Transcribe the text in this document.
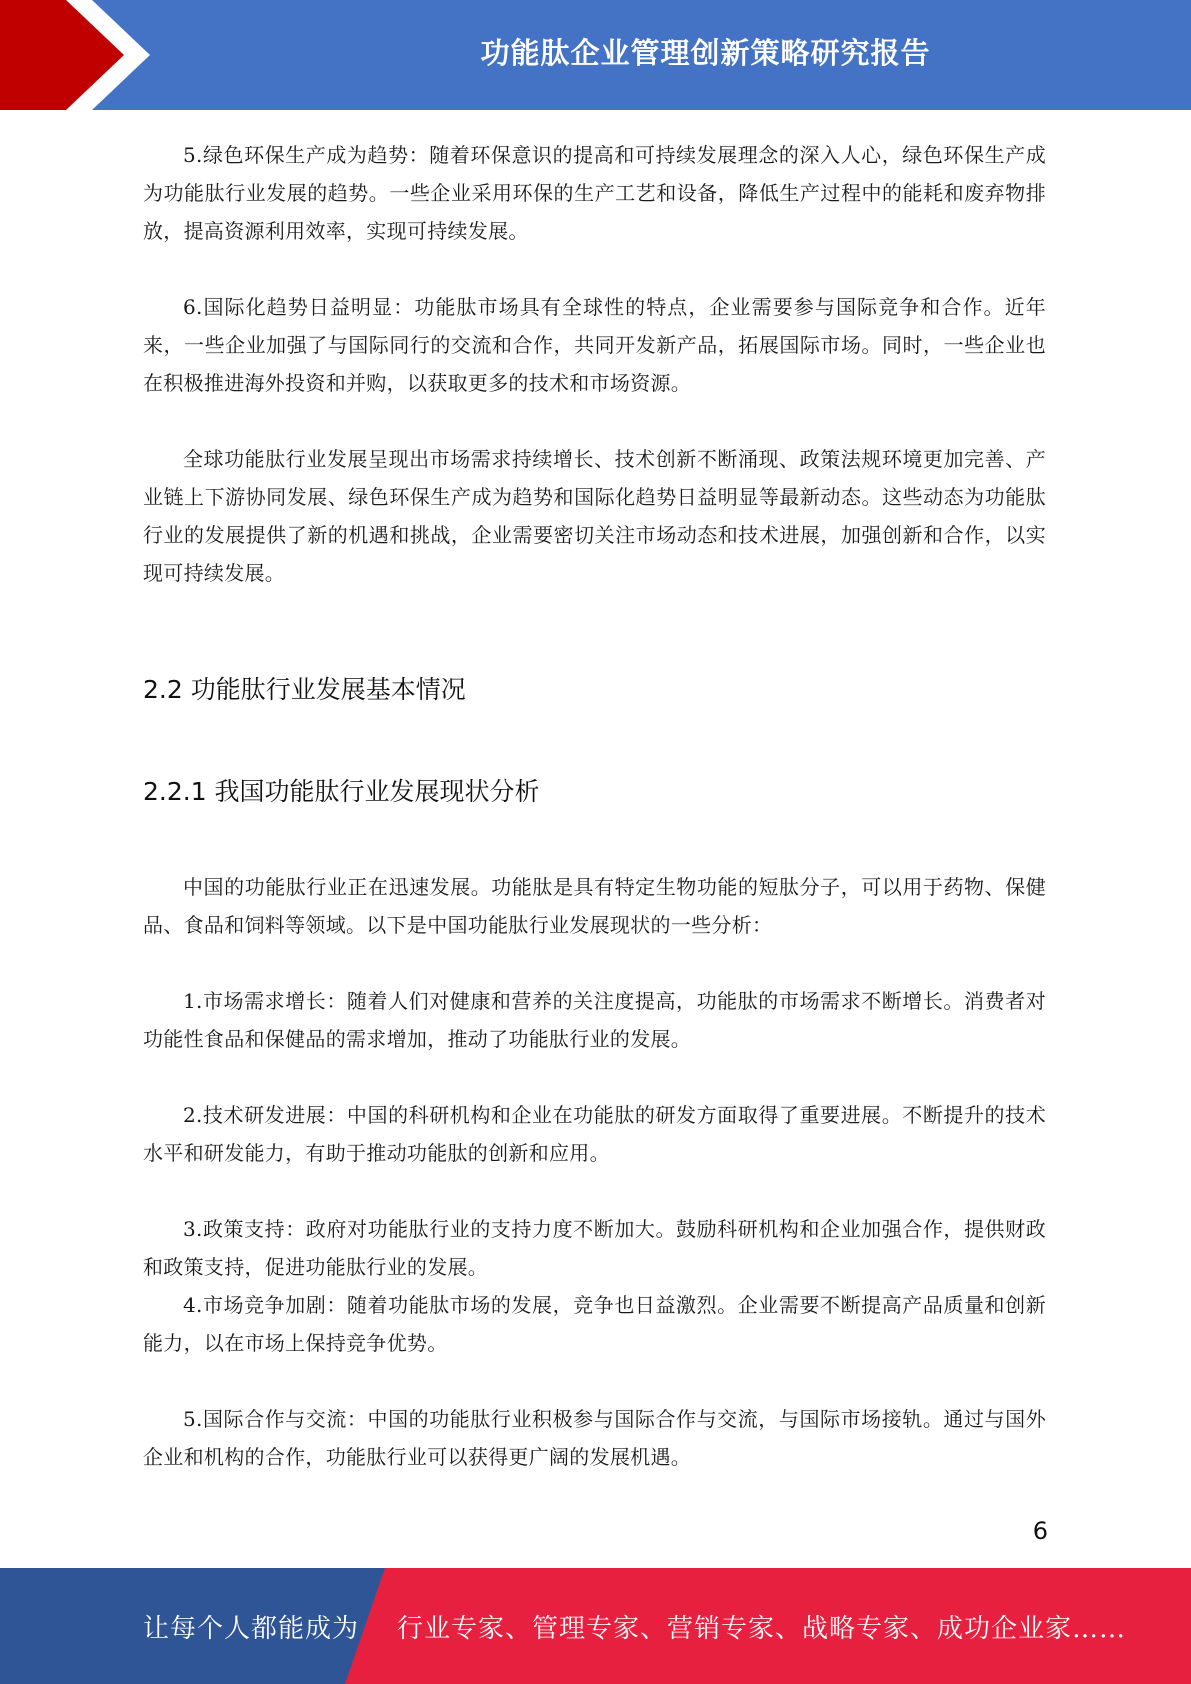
功能肽企业管理创新策略研究报告

5.绿色环保生产成为趋势：随着环保意识的提高和可持续发展理念的深入人心，绿色环保生产成为功能肽行业发展的趋势。一些企业采用环保的生产工艺和设备，降低生产过程中的能耗和废弃物排放，提高资源利用效率，实现可持续发展。

6.国际化趋势日益明显：功能肽市场具有全球性的特点，企业需要参与国际竞争和合作。近年来，一些企业加强了与国际同行的交流和合作，共同开发新产品，拓展国际市场。同时，一些企业也在积极推进海外投资和并购，以获取更多的技术和市场资源。

全球功能肽行业发展呈现出市场需求持续增长、技术创新不断涌现、政策法规环境更加完善、产业链上下游协同发展、绿色环保生产成为趋势和国际化趋势日益明显等最新动态。这些动态为功能肽行业的发展提供了新的机遇和挑战，企业需要密切关注市场动态和技术进展，加强创新和合作，以实现可持续发展。

2.2 功能肽行业发展基本情况
2.2.1 我国功能肽行业发展现状分析

中国的功能肽行业正在迅速发展。功能肽是具有特定生物功能的短肽分子，可以用于药物、保健品、食品和饲料等领域。以下是中国功能肽行业发展现状的一些分析：

1.市场需求增长：随着人们对健康和营养的关注度提高，功能肽的市场需求不断增长。消费者对功能性食品和保健品的需求增加，推动了功能肽行业的发展。

2.技术研发进展：中国的科研机构和企业在功能肽的研发方面取得了重要进展。不断提升的技术水平和研发能力，有助于推动功能肽的创新和应用。

3.政策支持：政府对功能肽行业的支持力度不断加大。鼓励科研机构和企业加强合作，提供财政和政策支持，促进功能肽行业的发展。

4.市场竞争加剧：随着功能肽市场的发展，竞争也日益激烈。企业需要不断提高产品质量和创新能力，以在市场上保持竞争优势。

5.国际合作与交流：中国的功能肽行业积极参与国际合作与交流，与国际市场接轨。通过与国外企业和机构的合作，功能肽行业可以获得更广阔的发展机遇。

6
让每个人都能成为 行业专家、管理专家、营销专家、战略专家、成功企业家……
